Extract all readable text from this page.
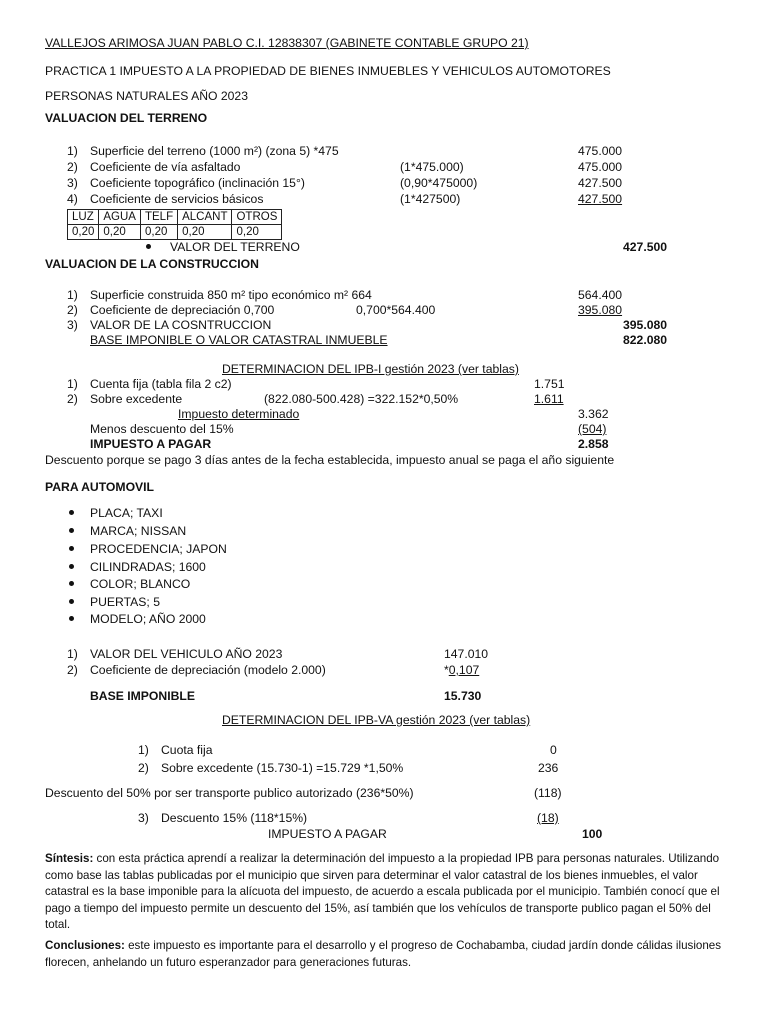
VALLEJOS ARIMOSA JUAN PABLO C.I. 12838307 (GABINETE CONTABLE GRUPO 21)
PRACTICA 1 IMPUESTO A LA PROPIEDAD DE BIENES INMUEBLES Y VEHICULOS AUTOMOTORES
PERSONAS NATURALES AÑO 2023
VALUACION DEL TERRENO
1) Superficie del terreno (1000 m²) (zona 5) *475	475.000
2) Coeficiente de vía asfaltado	(1*475.000)	475.000
3) Coeficiente topográfico (inclinación 15°)	(0,90*475000)	427.500
4) Coeficiente de servicios básicos	(1*427500)	427.500
LUZ	AGUA	TELF	ALCANT	OTROS
0,20	0,20	0,20	0,20	0,20
VALOR DEL TERRENO	427.500
VALUACION DE LA CONSTRUCCION
1) Superficie construida 850 m² tipo económico m² 664	564.400
2) Coeficiente de depreciación 0,700	0,700*564.400	395.080
3) VALOR DE LA COSNTRUCCION	395.080
BASE IMPONIBLE O VALOR CATASTRAL INMUEBLE	822.080
DETERMINACION DEL IPB-I gestión 2023 (ver tablas)
1) Cuenta fija (tabla fila 2 c2)	1.751
2) Sobre excedente	(822.080-500.428) =322.152*0,50%	1.611
Impuesto determinado	3.362
Menos descuento del 15%	(504)
IMPUESTO A PAGAR	2.858
Descuento porque se pago 3 días antes de la fecha establecida, impuesto anual se paga el año siguiente
PARA AUTOMOVIL
PLACA; TAXI
MARCA; NISSAN
PROCEDENCIA; JAPON
CILINDRADAS; 1600
COLOR; BLANCO
PUERTAS; 5
MODELO; AÑO 2000
1) VALOR DEL VEHICULO AÑO 2023	147.010
2) Coeficiente de depreciación (modelo 2.000)	*0,107
BASE IMPONIBLE	15.730
DETERMINACION DEL IPB-VA gestión 2023 (ver tablas)
1) Cuota fija	0
2) Sobre excedente (15.730-1) =15.729 *1,50%	236
Descuento del 50% por ser transporte publico autorizado (236*50%)	(118)
3) Descuento 15% (118*15%)	(18)
IMPUESTO A PAGAR	100
Síntesis: con esta práctica aprendí a realizar la determinación del impuesto a la propiedad IPB para personas naturales. Utilizando como base las tablas publicadas por el municipio que sirven para determinar el valor catastral de los bienes inmuebles, el valor catastral es la base imponible para la alícuota del impuesto, de acuerdo a escala publicada por el municipio. También conocí que el pago a tiempo del impuesto permite un descuento del 15%, así también que los vehículos de transporte publico pagan el 50% del total.
Conclusiones: este impuesto es importante para el desarrollo y el progreso de Cochabamba, ciudad jardín donde cálidas ilusiones florecen, anhelando un futuro esperanzador para generaciones futuras.
